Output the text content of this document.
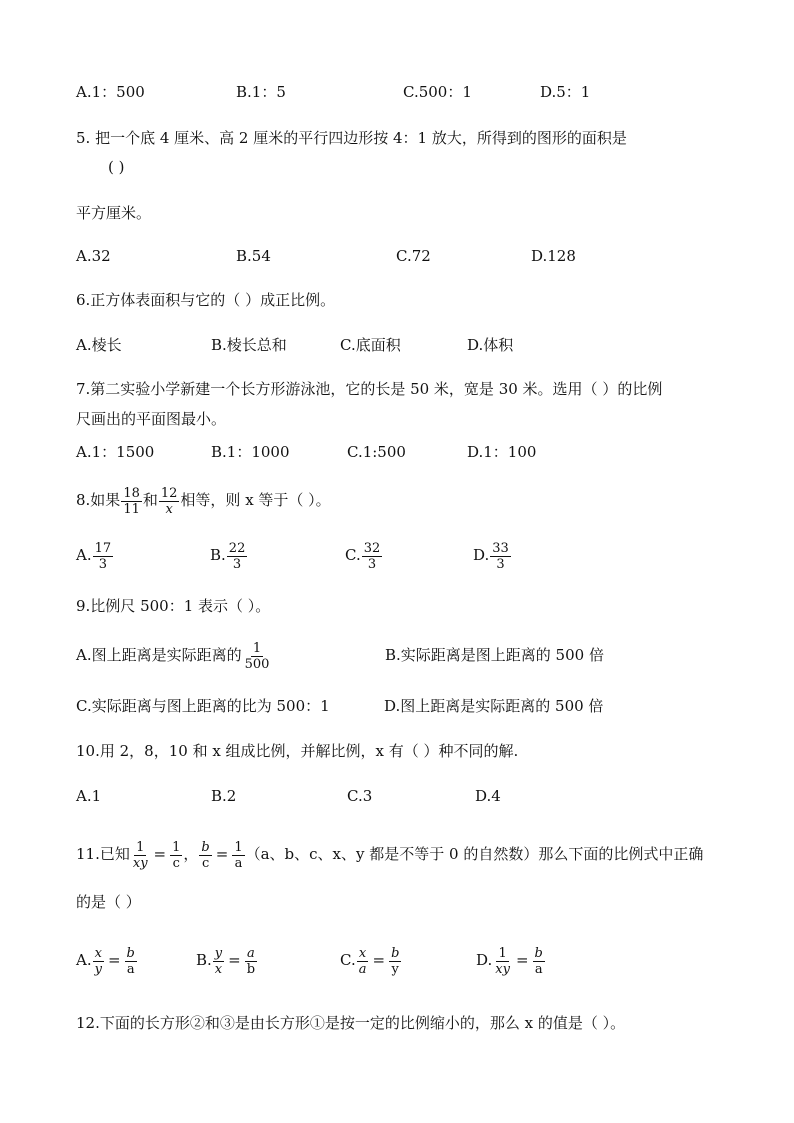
A.1：500	B.1：5	C.500：1	D.5：1
5. 把一个底 4 厘米、高 2 厘米的平行四边形按 4：1 放大，所得到的图形的面积是
( )
平方厘米。
A.32	B.54	C.72	D.128
6.正方体表面积与它的（ ）成正比例。
A.棱长	B.棱长总和	C.底面积	D.体积
7.第二实验小学新建一个长方形游泳池，它的长是 50 米，宽是 30 米。选用（ ）的比例
尺画出的平面图最小。
A.1：1500	B.1：1000	C.1:500	D.1：100
8.如果 $\frac{18}{11}$ 和 $\frac{12}{x}$ 相等，则 x 等于（ ）。
A. $\frac{17}{3}$	B. $\frac{22}{3}$	C. $\frac{32}{3}$	D. $\frac{33}{3}$
9.比例尺 500：1 表示（ ）。
A.图上距离是实际距离的 $\frac{1}{500}$	B.实际距离是图上距离的 500 倍
C.实际距离与图上距离的比为 500：1	D.图上距离是实际距离的 500 倍
10.用 2，8，10 和 x 组成比例，并解比例，x 有（ ）种不同的解.
A.1	B.2	C.3	D.4
11.已知 $\frac{1}{xy} = \frac{1}{c}$ ， $\frac{b}{c} = \frac{1}{a} (a$、b、c、x、y 都是不等于 0 的自然数）那么下面的比例式中正确
的是（ ）
A. $\frac{x}{y} = \frac{b}{a}$	B. $\frac{y}{x} = \frac{a}{b}$	C. $\frac{x}{a} = \frac{b}{y}$	D. $\frac{1}{xy} = \frac{b}{a}$
12.下面的长方形②和③是由长方形①是按一定的比例缩小的，那么 x 的值是（ ）。
